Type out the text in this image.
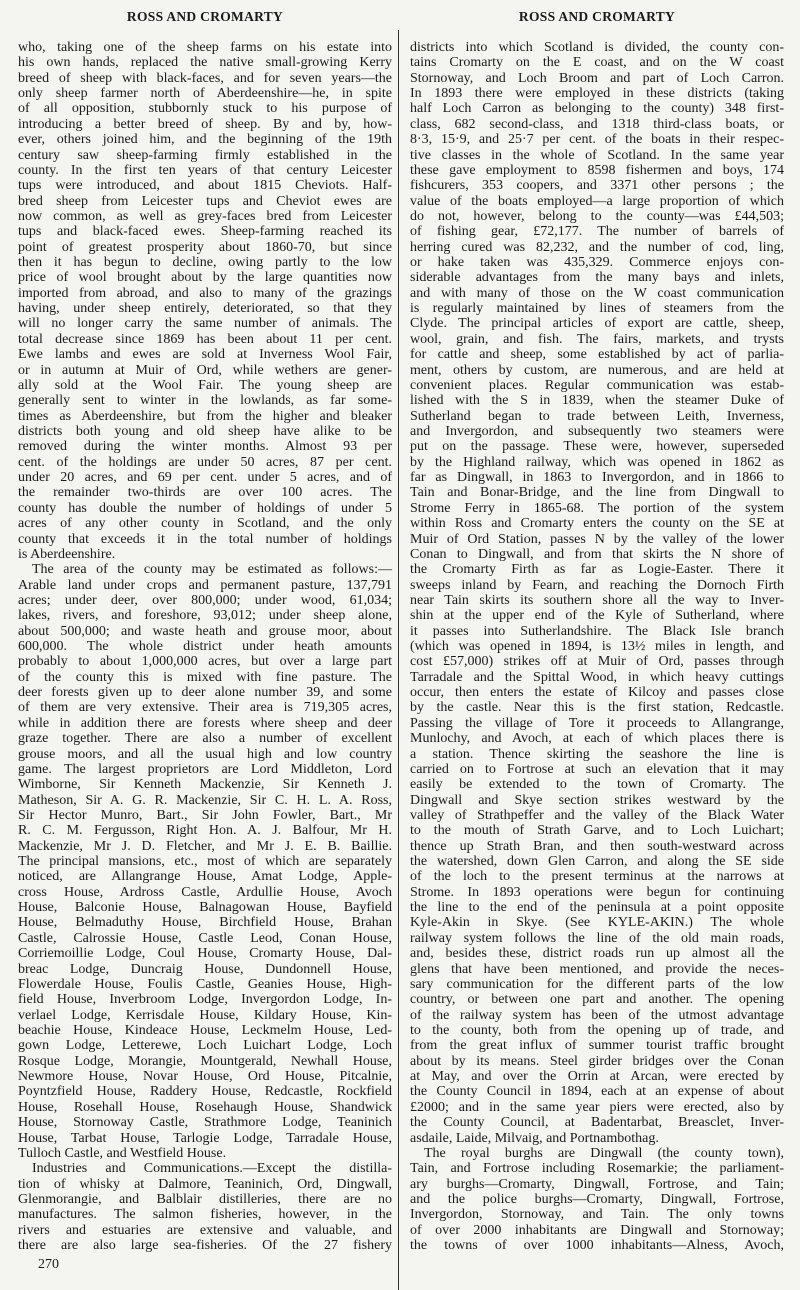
ROSS AND CROMARTY	ROSS AND CROMARTY
who, taking one of the sheep farms on his estate into
his own hands, replaced the native small-growing Kerry
breed of sheep with black-faces, and for seven years—the
only sheep farmer north of Aberdeenshire—he, in spite
of all opposition, stubbornly stuck to his purpose of
introducing a better breed of sheep. By and by, how-
ever, others joined him, and the beginning of the 19th
century saw sheep-farming firmly established in the
county. In the first ten years of that century Leicester
tups were introduced, and about 1815 Cheviots. Half-
bred sheep from Leicester tups and Cheviot ewes are
now common, as well as grey-faces bred from Leicester
tups and black-faced ewes. Sheep-farming reached its
point of greatest prosperity about 1860-70, but since
then it has begun to decline, owing partly to the low
price of wool brought about by the large quantities now
imported from abroad, and also to many of the grazings
having, under sheep entirely, deteriorated, so that they
will no longer carry the same number of animals. The
total decrease since 1869 has been about 11 per cent.
Ewe lambs and ewes are sold at Inverness Wool Fair,
or in autumn at Muir of Ord, while wethers are gener-
ally sold at the Wool Fair. The young sheep are
generally sent to winter in the lowlands, as far some-
times as Aberdeenshire, but from the higher and bleaker
districts both young and old sheep have alike to be
removed during the winter months. Almost 93 per
cent. of the holdings are under 50 acres, 87 per cent.
under 20 acres, and 69 per cent. under 5 acres, and of
the remainder two-thirds are over 100 acres. The
county has double the number of holdings of under 5
acres of any other county in Scotland, and the only
county that exceeds it in the total number of holdings
is Aberdeenshire.
The area of the county may be estimated as follows:—
Arable land under crops and permanent pasture, 137,791
acres; under deer, over 800,000; under wood, 61,034;
lakes, rivers, and foreshore, 93,012; under sheep alone,
about 500,000; and waste heath and grouse moor, about
600,000. The whole district under heath amounts
probably to about 1,000,000 acres, but over a large part
of the county this is mixed with fine pasture. The
deer forests given up to deer alone number 39, and some
of them are very extensive. Their area is 719,305 acres,
while in addition there are forests where sheep and deer
graze together. There are also a number of excellent
grouse moors, and all the usual high and low country
game. The largest proprietors are Lord Middleton, Lord
Wimborne, Sir Kenneth Mackenzie, Sir Kenneth J.
Matheson, Sir A. G. R. Mackenzie, Sir C. H. L. A. Ross,
Sir Hector Munro, Bart., Sir John Fowler, Bart., Mr
R. C. M. Fergusson, Right Hon. A. J. Balfour, Mr H.
Mackenzie, Mr J. D. Fletcher, and Mr J. E. B. Baillie.
The principal mansions, etc., most of which are separately
noticed, are Allangrange House, Amat Lodge, Apple-
cross House, Ardross Castle, Ardullie House, Avoch
House, Balconie House, Balnagowan House, Bayfield
House, Belmaduthy House, Birchfield House, Brahan
Castle, Calrossie House, Castle Leod, Conan House,
Corriemoillie Lodge, Coul House, Cromarty House, Dal-
breac Lodge, Duncraig House, Dundonnell House,
Flowerdale House, Foulis Castle, Geanies House, High-
field House, Inverbroom Lodge, Invergordon Lodge, In-
verlael Lodge, Kerrisdale House, Kildary House, Kin-
beachie House, Kindeace House, Leckmelm House, Led-
gown Lodge, Letterewe, Loch Luichart Lodge, Loch
Rosque Lodge, Morangie, Mountgerald, Newhall House,
Newmore House, Novar House, Ord House, Pitcalnie,
Poyntzfield House, Raddery House, Redcastle, Rockfield
House, Rosehall House, Rosehaugh House, Shandwick
House, Stornoway Castle, Strathmore Lodge, Teaninich
House, Tarbat House, Tarlogie Lodge, Tarradale House,
Tulloch Castle, and Westfield House.
Industries and Communications.—Except the distilla-
tion of whisky at Dalmore, Teaninich, Ord, Dingwall,
Glenmorangie, and Balblair distilleries, there are no
manufactures. The salmon fisheries, however, in the
rivers and estuaries are extensive and valuable, and
there are also large sea-fisheries. Of the 27 fishery
districts into which Scotland is divided, the county con-
tains Cromarty on the E coast, and on the W coast
Stornoway, and Loch Broom and part of Loch Carron.
In 1893 there were employed in these districts (taking
half Loch Carron as belonging to the county) 348 first-
class, 682 second-class, and 1318 third-class boats, or
8·3, 15·9, and 25·7 per cent. of the boats in their respec-
tive classes in the whole of Scotland. In the same year
these gave employment to 8598 fishermen and boys, 174
fishcurers, 353 coopers, and 3371 other persons ; the
value of the boats employed—a large proportion of which
do not, however, belong to the county—was £44,503;
of fishing gear, £72,177. The number of barrels of
herring cured was 82,232, and the number of cod, ling,
or hake taken was 435,329. Commerce enjoys con-
siderable advantages from the many bays and inlets,
and with many of those on the W coast communication
is regularly maintained by lines of steamers from the
Clyde. The principal articles of export are cattle, sheep,
wool, grain, and fish. The fairs, markets, and trysts
for cattle and sheep, some established by act of parlia-
ment, others by custom, are numerous, and are held at
convenient places. Regular communication was estab-
lished with the S in 1839, when the steamer Duke of
Sutherland began to trade between Leith, Inverness,
and Invergordon, and subsequently two steamers were
put on the passage. These were, however, superseded
by the Highland railway, which was opened in 1862 as
far as Dingwall, in 1863 to Invergordon, and in 1866 to
Tain and Bonar-Bridge, and the line from Dingwall to
Strome Ferry in 1865-68. The portion of the system
within Ross and Cromarty enters the county on the SE at
Muir of Ord Station, passes N by the valley of the lower
Conan to Dingwall, and from that skirts the N shore of
the Cromarty Firth as far as Logie-Easter. There it
sweeps inland by Fearn, and reaching the Dornoch Firth
near Tain skirts its southern shore all the way to Inver-
shin at the upper end of the Kyle of Sutherland, where
it passes into Sutherlandshire. The Black Isle branch
(which was opened in 1894, is 13½ miles in length, and
cost £57,000) strikes off at Muir of Ord, passes through
Tarradale and the Spittal Wood, in which heavy cuttings
occur, then enters the estate of Kilcoy and passes close
by the castle. Near this is the first station, Redcastle.
Passing the village of Tore it proceeds to Allangrange,
Munlochy, and Avoch, at each of which places there is
a station. Thence skirting the seashore the line is
carried on to Fortrose at such an elevation that it may
easily be extended to the town of Cromarty. The
Dingwall and Skye section strikes westward by the
valley of Strathpeffer and the valley of the Black Water
to the mouth of Strath Garve, and to Loch Luichart;
thence up Strath Bran, and then south-westward across
the watershed, down Glen Carron, and along the SE side
of the loch to the present terminus at the narrows at
Strome. In 1893 operations were begun for continuing
the line to the end of the peninsula at a point opposite
Kyle-Akin in Skye. (See KYLE-AKIN.) The whole
railway system follows the line of the old main roads,
and, besides these, district roads run up almost all the
glens that have been mentioned, and provide the neces-
sary communication for the different parts of the low
country, or between one part and another. The opening
of the railway system has been of the utmost advantage
to the county, both from the opening up of trade, and
from the great influx of summer tourist traffic brought
about by its means. Steel girder bridges over the Conan
at May, and over the Orrin at Arcan, were erected by
the County Council in 1894, each at an expense of about
£2000; and in the same year piers were erected, also by
the County Council, at Badentarbat, Breasclet, Inver-
asdaile, Laide, Milvaig, and Portnambothag.
The royal burghs are Dingwall (the county town),
Tain, and Fortrose including Rosemarkie; the parliament-
ary burghs—Cromarty, Dingwall, Fortrose, and Tain;
and the police burghs—Cromarty, Dingwall, Fortrose,
Invergordon, Stornoway, and Tain. The only towns
of over 2000 inhabitants are Dingwall and Stornoway;
the towns of over 1000 inhabitants—Alness, Avoch,
270
